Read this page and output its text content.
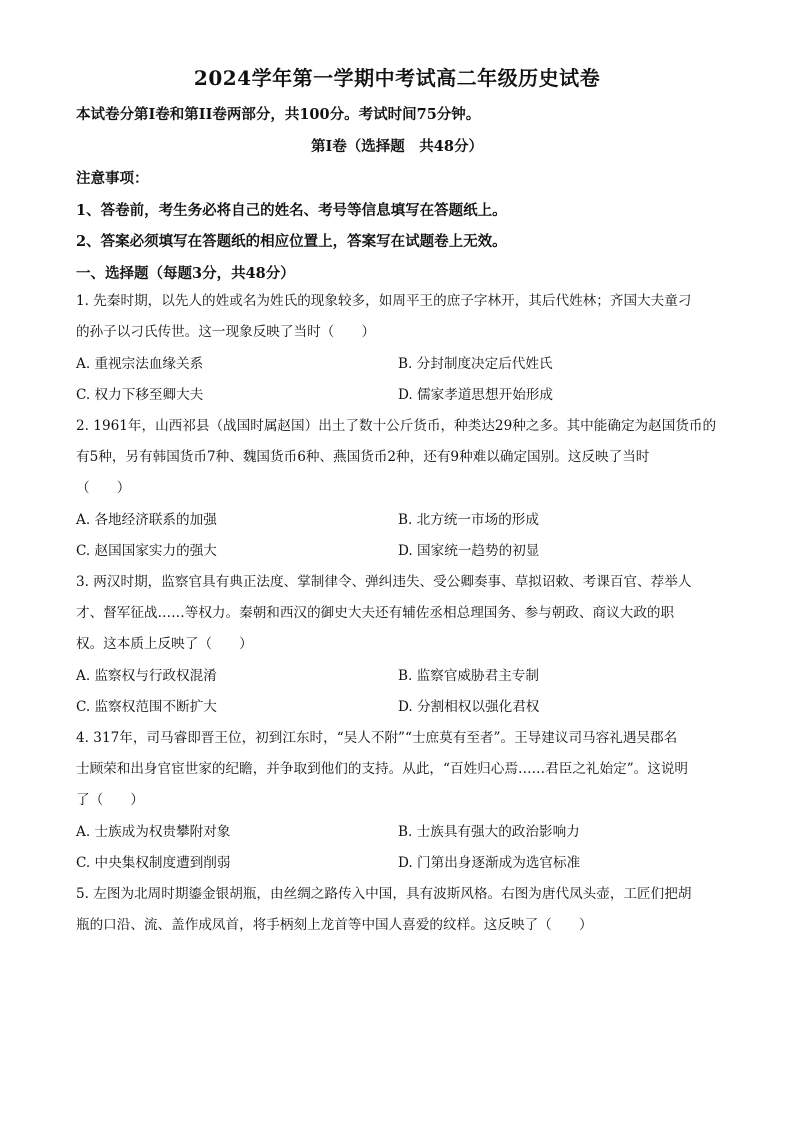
2024学年第一学期中考试高二年级历史试卷
本试卷分第Ⅰ卷和第II卷两部分，共100分。考试时间75分钟。
第Ⅰ卷（选择题　共48分）
注意事项：
1、答卷前，考生务必将自己的姓名、考号等信息填写在答题纸上。
2、答案必须填写在答题纸的相应位置上，答案写在试题卷上无效。
一、选择题（每题3分，共48分）
1. 先秦时期，以先人的姓或名为姓氏的现象较多，如周平王的庶子字林开，其后代姓林；齐国大夫童刁
的孙子以刁氏传世。这一现象反映了当时（　　）
A. 重视宗法血缘关系	B. 分封制度决定后代姓氏
C. 权力下移至卿大夫	D. 儒家孝道思想开始形成
2. 1961年，山西祁县（战国时属赵国）出土了数十公斤货币，种类达29种之多。其中能确定为赵国货币的
有5种，另有韩国货币7种、魏国货币6种、燕国货币2种，还有9种难以确定国别。这反映了当时
（　　）
A. 各地经济联系的加强	B. 北方统一市场的形成
C. 赵国国家实力的强大	D. 国家统一趋势的初显
3. 两汉时期，监察官具有典正法度、掌制律令、弹纠违失、受公卿奏事、草拟诏敕、考课百官、荐举人
才、督军征战……等权力。秦朝和西汉的御史大夫还有辅佐丞相总理国务、参与朝政、商议大政的职
权。这本质上反映了（　　）
A. 监察权与行政权混淆	B. 监察官威胁君主专制
C. 监察权范围不断扩大	D. 分割相权以强化君权
4. 317年，司马睿即晋王位，初到江东时，“吴人不附”“士庶莫有至者”。王导建议司马容礼遇吴郡名
士顾荣和出身官宦世家的纪瞻，并争取到他们的支持。从此，“百姓归心焉……君臣之礼始定”。这说明
了（　　）
A. 士族成为权贵攀附对象	B. 士族具有强大的政治影响力
C. 中央集权制度遭到削弱	D. 门第出身逐渐成为选官标准
5. 左图为北周时期鎏金银胡瓶，由丝绸之路传入中国，具有波斯风格。右图为唐代凤头壶，工匠们把胡
瓶的口沿、流、盖作成凤首，将手柄刻上龙首等中国人喜爱的纹样。这反映了（　　）
